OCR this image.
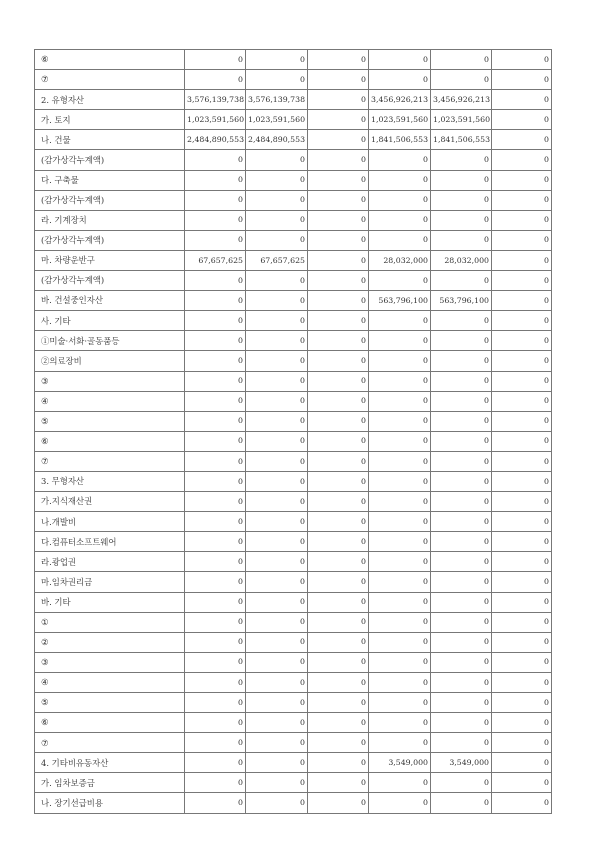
⑥	0	0	0	0	0	0
⑦	0	0	0	0	0	0
2. 유형자산	3,576,139,738	3,576,139,738	0	3,456,926,213	3,456,926,213	0
가. 토지	1,023,591,560	1,023,591,560	0	1,023,591,560	1,023,591,560	0
나. 건물	2,484,890,553	2,484,890,553	0	1,841,506,553	1,841,506,553	0
(감가상각누계액)	0	0	0	0	0	0
다. 구축물	0	0	0	0	0	0
(감가상각누계액)	0	0	0	0	0	0
라. 기계장치	0	0	0	0	0	0
(감가상각누계액)	0	0	0	0	0	0
마. 차량운반구	67,657,625	67,657,625	0	28,032,000	28,032,000	0
(감가상각누계액)	0	0	0	0	0	0
바. 건설중인자산	0	0	0	563,796,100	563,796,100	0
사. 기타	0	0	0	0	0	0
①미술·서화·골동품등	0	0	0	0	0	0
②의료장비	0	0	0	0	0	0
③	0	0	0	0	0	0
④	0	0	0	0	0	0
⑤	0	0	0	0	0	0
⑥	0	0	0	0	0	0
⑦	0	0	0	0	0	0
3. 무형자산	0	0	0	0	0	0
가.지식재산권	0	0	0	0	0	0
나.개발비	0	0	0	0	0	0
다.컴퓨터소프트웨어	0	0	0	0	0	0
라.광업권	0	0	0	0	0	0
마.임차권리금	0	0	0	0	0	0
바. 기타	0	0	0	0	0	0
①	0	0	0	0	0	0
②	0	0	0	0	0	0
③	0	0	0	0	0	0
④	0	0	0	0	0	0
⑤	0	0	0	0	0	0
⑥	0	0	0	0	0	0
⑦	0	0	0	0	0	0
4. 기타비유동자산	0	0	0	3,549,000	3,549,000	0
가. 임차보증금	0	0	0	0	0	0
나. 장기선급비용	0	0	0	0	0	0
